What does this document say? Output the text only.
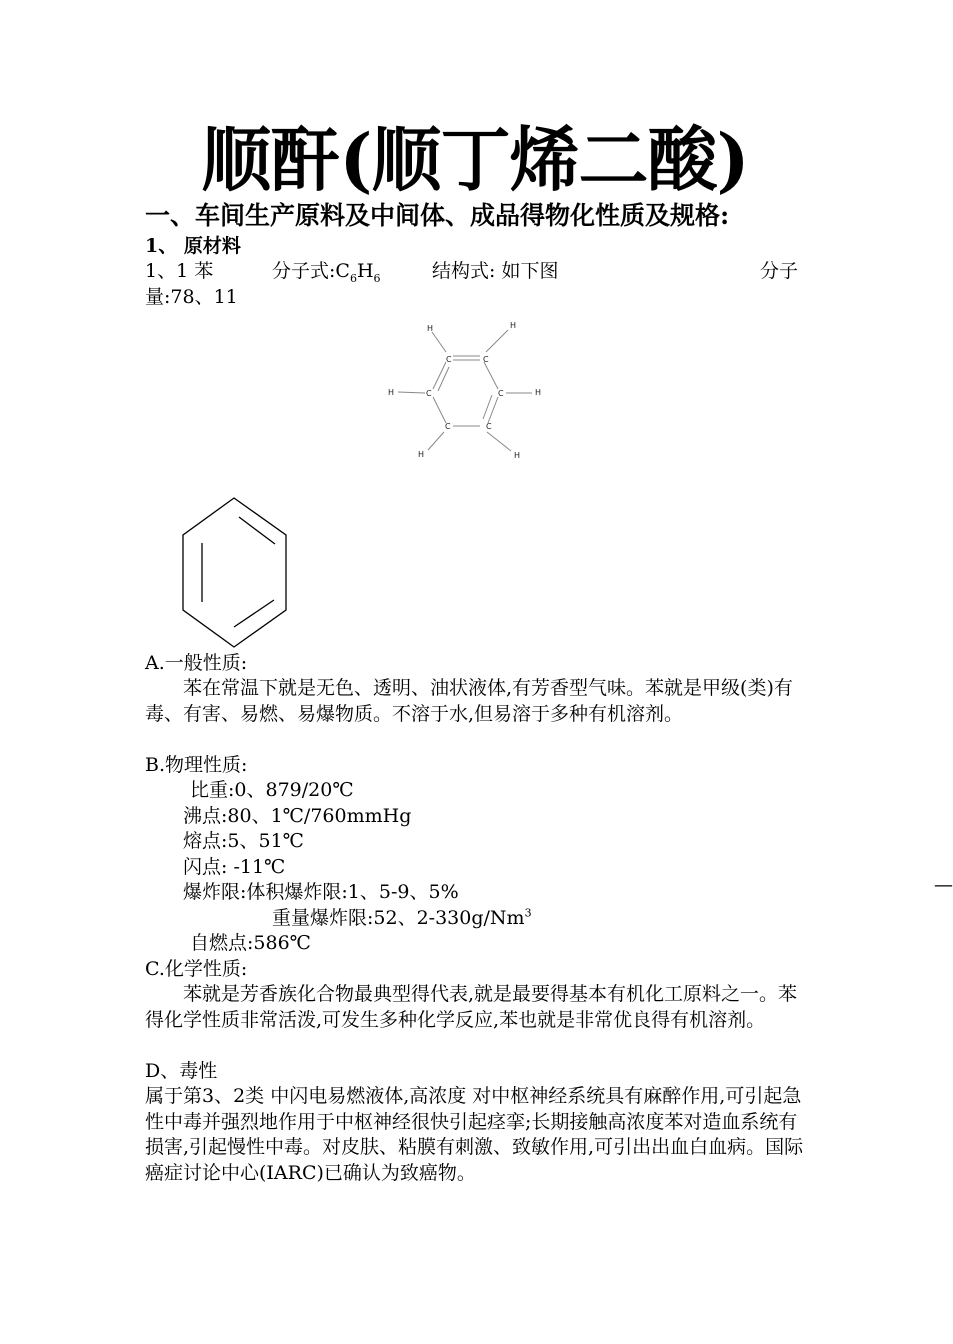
顺酐(顺丁烯二酸)
一、车间生产原料及中间体、成品得物化性质及规格:
1、 原材料
1、1 苯	分子式$:C_6H_6$	结构式: 如下图	分子
量:78、11
C	C
C	C
C	C
H	H
H	H
H	H
A.一般性质:
苯在常温下就是无色、透明、油状液体,有芳香型气味。苯就是甲级(类)有毒、有害、易燃、易爆物质。不溶于水,但易溶于多种有机溶剂。
B.物理性质:
比重:0、879/20℃
沸点:80、1℃/760mmHg
熔点:5、51℃
闪点: -11℃
爆炸限:体积爆炸限:1、5-9、5%
重量爆炸限:52、2-330g/Nm$^3$
自燃点:586℃
C.化学性质:
苯就是芳香族化合物最典型得代表,就是最要得基本有机化工原料之一。苯得化学性质非常活泼,可发生多种化学反应,苯也就是非常优良得有机溶剂。
D、毒性
属于第3、2类 中闪电易燃液体,高浓度 对中枢神经系统具有麻醉作用,可引起急性中毒并强烈地作用于中枢神经很快引起痉挛;长期接触高浓度苯对造血系统有损害,引起慢性中毒。对皮肤、粘膜有刺激、致敏作用,可引出出血白血病。国际癌症讨论中心(IARC)已确认为致癌物。
—
